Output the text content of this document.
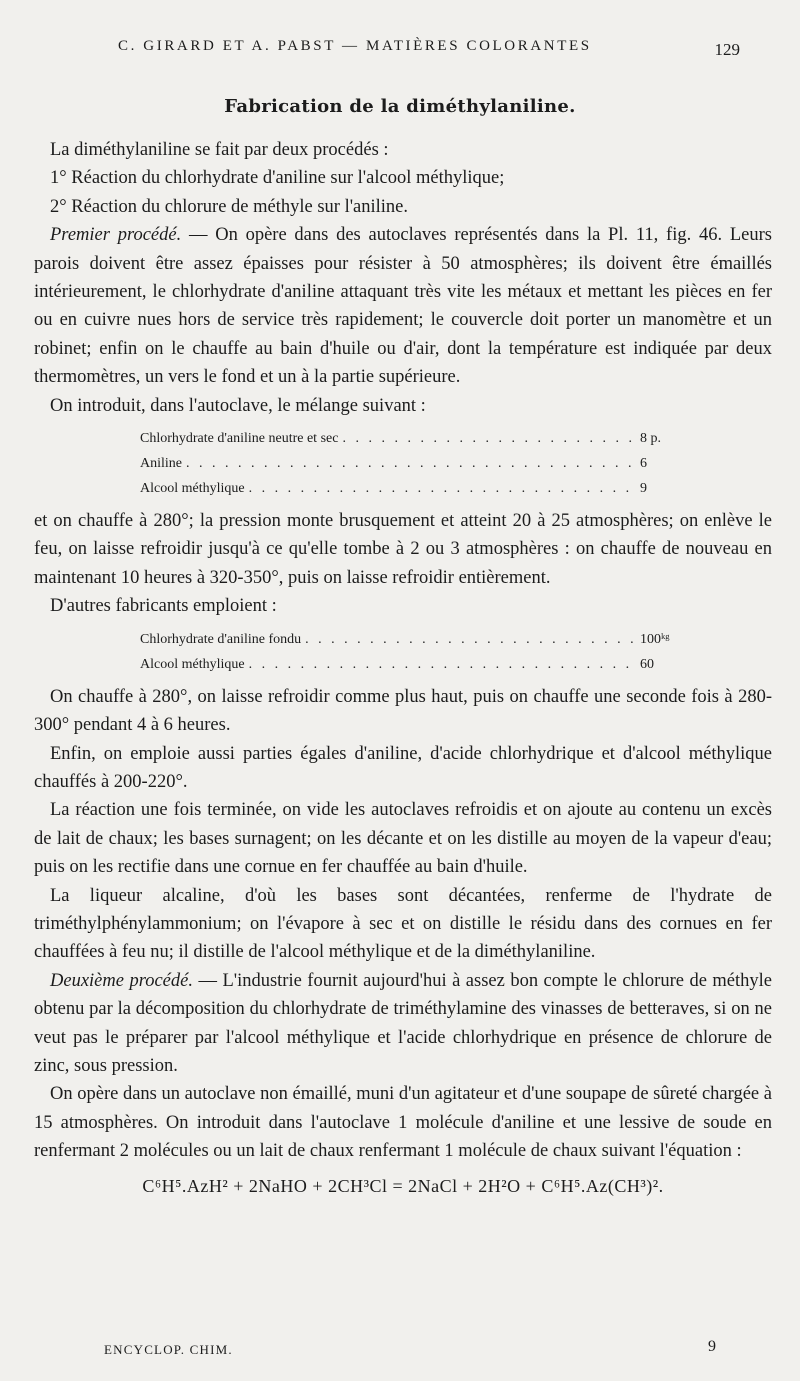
C. GIRARD ET A. PABST — MATIÈRES COLORANTES	129
Fabrication de la diméthylaniline.

La diméthylaniline se fait par deux procédés :

1° Réaction du chlorhydrate d'aniline sur l'alcool méthylique;

2° Réaction du chlorure de méthyle sur l'aniline.

Premier procédé. — On opère dans des autoclaves représentés dans la Pl. 11, fig. 46. Leurs parois doivent être assez épaisses pour résister à 50 atmosphères; ils doivent être émaillés intérieurement, le chlorhydrate d'aniline attaquant très vite les métaux et mettant les pièces en fer ou en cuivre nues hors de service très rapidement; le couvercle doit porter un manomètre et un robinet; enfin on le chauffe au bain d'huile ou d'air, dont la température est indiquée par deux thermomètres, un vers le fond et un à la partie supérieure.

On introduit, dans l'autoclave, le mélange suivant :

Chlorhydrate d'aniline neutre et sec . . .	8 p.
Aniline . . .	6
Alcool méthylique . . .	9

et on chauffe à 280°; la pression monte brusquement et atteint 20 à 25 atmosphères; on enlève le feu, on laisse refroidir jusqu'à ce qu'elle tombe à 2 ou 3 atmosphères : on chauffe de nouveau en maintenant 10 heures à 320-350°, puis on laisse refroidir entièrement.

D'autres fabricants emploient :

Chlorhydrate d'aniline fondu . . .	100ᵏᵍ
Alcool méthylique . . .	60

On chauffe à 280°, on laisse refroidir comme plus haut, puis on chauffe une seconde fois à 280-300° pendant 4 à 6 heures.

Enfin, on emploie aussi parties égales d'aniline, d'acide chlorhydrique et d'alcool méthylique chauffés à 200-220°.

La réaction une fois terminée, on vide les autoclaves refroidis et on ajoute au contenu un excès de lait de chaux; les bases surnagent; on les décante et on les distille au moyen de la vapeur d'eau; puis on les rectifie dans une cornue en fer chauffée au bain d'huile.

La liqueur alcaline, d'où les bases sont décantées, renferme de l'hydrate de triméthylphénylammonium; on l'évapore à sec et on distille le résidu dans des cornues en fer chauffées à feu nu; il distille de l'alcool méthylique et de la diméthylaniline.

Deuxième procédé. — L'industrie fournit aujourd'hui à assez bon compte le chlorure de méthyle obtenu par la décomposition du chlorhydrate de triméthylamine des vinasses de betteraves, si on ne veut pas le préparer par l'alcool méthylique et l'acide chlorhydrique en présence de chlorure de zinc, sous pression.

On opère dans un autoclave non émaillé, muni d'un agitateur et d'une soupape de sûreté chargée à 15 atmosphères. On introduit dans l'autoclave 1 molécule d'aniline et une lessive de soude en renfermant 2 molécules ou un lait de chaux renfermant 1 molécule de chaux suivant l'équation :

C⁶H⁵.AzH² + 2NaHO + 2CH³Cl = 2NaCl + 2H²O + C⁶H⁵.Az(CH³)².
ENCYCLOP. CHIM.	9
